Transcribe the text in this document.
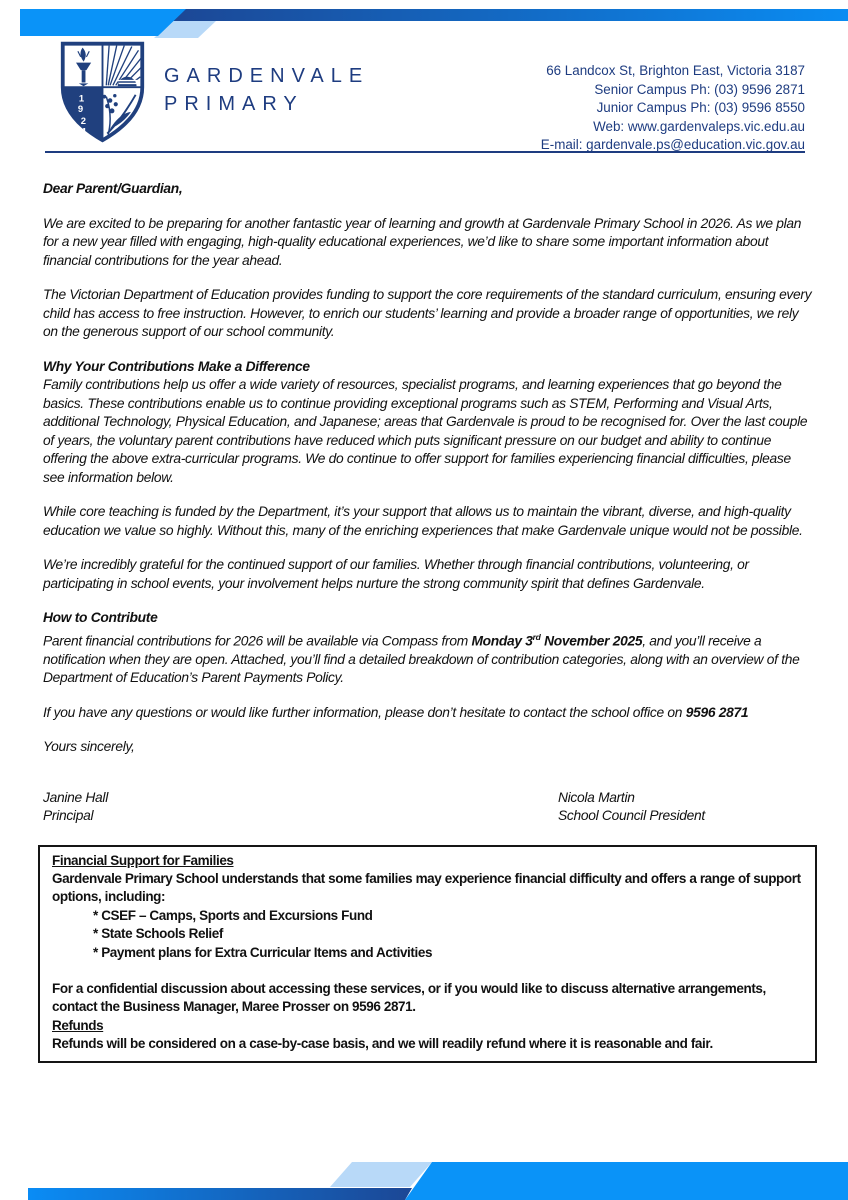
1
9
2
1
GARDENVALE
PRIMARY
66 Landcox St, Brighton East, Victoria 3187
Senior Campus Ph: (03) 9596 2871
Junior Campus Ph: (03) 9596 8550
Web: www.gardenvaleps.vic.edu.au
E-mail: gardenvale.ps@education.vic.gov.au

Dear Parent/Guardian,

We are excited to be preparing for another fantastic year of learning and growth at Gardenvale Primary School in 2026. As we plan for a new year filled with engaging, high-quality educational experiences, we’d like to share some important information about financial contributions for the year ahead.

The Victorian Department of Education provides funding to support the core requirements of the standard curriculum, ensuring every child has access to free instruction. However, to enrich our students’ learning and provide a broader range of opportunities, we rely on the generous support of our school community.

Why Your Contributions Make a Difference

Family contributions help us offer a wide variety of resources, specialist programs, and learning experiences that go beyond the basics. These contributions enable us to continue providing exceptional programs such as STEM, Performing and Visual Arts, additional Technology, Physical Education, and Japanese; areas that Gardenvale is proud to be recognised for. Over the last couple of years, the voluntary parent contributions have reduced which puts significant pressure on our budget and ability to continue offering the above extra-curricular programs. We do continue to offer support for families experiencing financial difficulties, please see information below.

While core teaching is funded by the Department, it’s your support that allows us to maintain the vibrant, diverse, and high-quality education we value so highly. Without this, many of the enriching experiences that make Gardenvale unique would not be possible.

We’re incredibly grateful for the continued support of our families. Whether through financial contributions, volunteering, or participating in school events, your involvement helps nurture the strong community spirit that defines Gardenvale.

How to Contribute

Parent financial contributions for 2026 will be available via Compass from Monday 3rd November 2025, and you’ll receive a notification when they are open. Attached, you’ll find a detailed breakdown of contribution categories, along with an overview of the Department of Education’s Parent Payments Policy.

If you have any questions or would like further information, please don’t hesitate to contact the school office on 9596 2871

Yours sincerely,

Janine Hall
Principal
Nicola Martin
School Council President

Financial Support for Families

Gardenvale Primary School understands that some families may experience financial difficulty and offers a range of support options, including:

* CSEF – Camps, Sports and Excursions Fund

* State Schools Relief

* Payment plans for Extra Curricular Items and Activities

For a confidential discussion about accessing these services, or if you would like to discuss alternative arrangements, contact the Business Manager, Maree Prosser on 9596 2871.

Refunds

Refunds will be considered on a case-by-case basis, and we will readily refund where it is reasonable and fair.
